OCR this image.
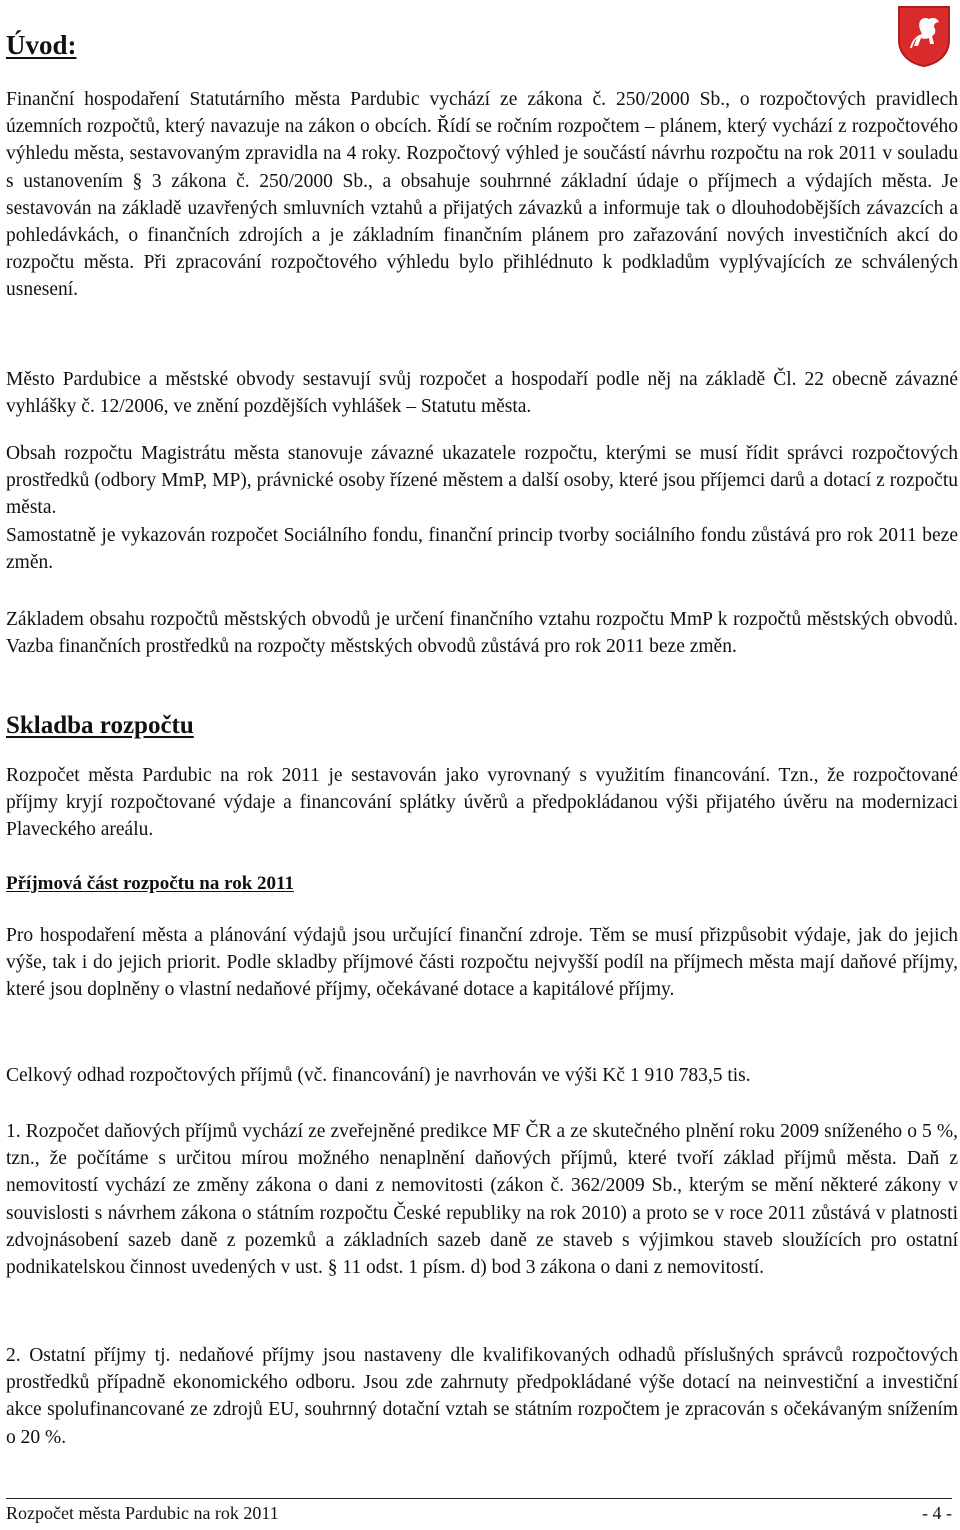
Úvod:

Finanční hospodaření Statutárního města Pardubic vychází ze zákona č. 250/2000 Sb., o rozpočtových pravidlech územních rozpočtů, který navazuje na zákon o obcích. Řídí se ročním rozpočtem – plánem, který vychází z rozpočtového výhledu města, sestavovaným zpravidla na 4 roky. Rozpočtový výhled je součástí návrhu rozpočtu na rok 2011 v souladu s ustanovením § 3 zákona č. 250/2000 Sb., a obsahuje souhrnné základní údaje o příjmech a výdajích města. Je sestavován na základě uzavřených smluvních vztahů a přijatých závazků a informuje tak o dlouhodobějších závazcích a pohledávkách, o finančních zdrojích a je základním finančním plánem pro zařazování nových investičních akcí do rozpočtu města. Při zpracování rozpočtového výhledu bylo přihlédnuto k podkladům vyplývajících ze schválených usnesení.

Město Pardubice a městské obvody sestavují svůj rozpočet a hospodaří podle něj na základě Čl. 22 obecně závazné vyhlášky č. 12/2006, ve znění pozdějších vyhlášek – Statutu města.

Obsah rozpočtu Magistrátu města stanovuje závazné ukazatele rozpočtu, kterými se musí řídit správci rozpočtových prostředků (odbory MmP, MP), právnické osoby řízené městem a další osoby, které jsou příjemci darů a dotací z rozpočtu města.

Samostatně je vykazován rozpočet Sociálního fondu, finanční princip tvorby sociálního fondu zůstává pro rok 2011 beze změn.

Základem obsahu rozpočtů městských obvodů je určení finančního vztahu rozpočtu MmP k rozpočtů městských obvodů. Vazba finančních prostředků na rozpočty městských obvodů zůstává pro rok 2011 beze změn.

Skladba rozpočtu

Rozpočet města Pardubic na rok 2011 je sestavován jako vyrovnaný s využitím financování. Tzn., že rozpočtované příjmy kryjí rozpočtované výdaje a financování splátky úvěrů a předpokládanou výši přijatého úvěru na modernizaci Plaveckého areálu.

Příjmová část rozpočtu na rok 2011

Pro hospodaření města a plánování výdajů jsou určující finanční zdroje. Těm se musí přizpůsobit výdaje, jak do jejich výše, tak i do jejich priorit. Podle skladby příjmové části rozpočtu nejvyšší podíl na příjmech města mají daňové příjmy, které jsou doplněny o vlastní nedaňové příjmy, očekávané dotace a kapitálové příjmy.

Celkový odhad rozpočtových příjmů (vč. financování) je navrhován ve výši Kč 1 910 783,5 tis.

1. Rozpočet daňových příjmů vychází ze zveřejněné predikce MF ČR a ze skutečného plnění roku 2009 sníženého o 5 %, tzn., že počítáme s určitou mírou možného nenaplnění daňových příjmů, které tvoří základ příjmů města. Daň z nemovitostí vychází ze změny zákona o dani z nemovitosti (zákon č. 362/2009 Sb., kterým se mění některé zákony v souvislosti s návrhem zákona o státním rozpočtu České republiky na rok 2010) a proto se v roce 2011 zůstává v platnosti zdvojnásobení sazeb daně z pozemků a základních sazeb daně ze staveb s výjimkou staveb sloužících pro ostatní podnikatelskou činnost uvedených v ust. § 11 odst. 1 písm. d) bod 3 zákona o dani z nemovitostí.

2. Ostatní příjmy tj. nedaňové příjmy jsou nastaveny dle kvalifikovaných odhadů příslušných správců rozpočtových prostředků případně ekonomického odboru. Jsou zde zahrnuty předpokládané výše dotací na neinvestiční a investiční akce spolufinancované ze zdrojů EU, souhrnný dotační vztah se státním rozpočtem je zpracován s očekávaným snížením o 20 %.

Rozpočet města Pardubic na rok 2011	- 4 -
